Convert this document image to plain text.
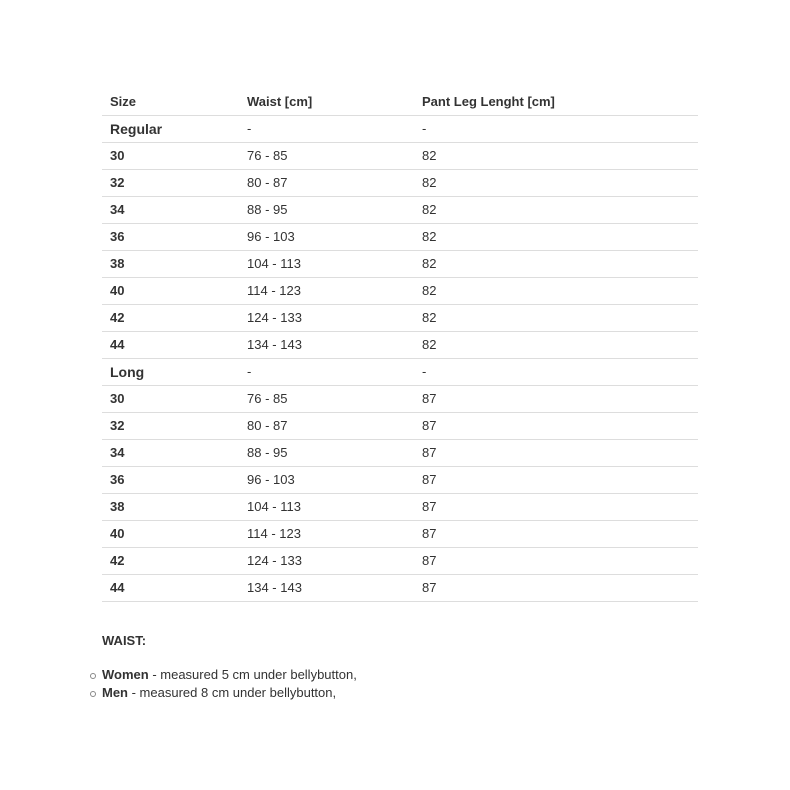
Size	Waist [cm]	Pant Leg Lenght [cm]
Regular	-	-
30	76 - 85	82
32	80 - 87	82
34	88 - 95	82
36	96 - 103	82
38	104 - 113	82
40	114 - 123	82
42	124 - 133	82
44	134 - 143	82
Long	-	-
30	76 - 85	87
32	80 - 87	87
34	88 - 95	87
36	96 - 103	87
38	104 - 113	87
40	114 - 123	87
42	124 - 133	87
44	134 - 143	87

WAIST:

Women - measured 5 cm under bellybutton,
Men - measured 8 cm under bellybutton,
